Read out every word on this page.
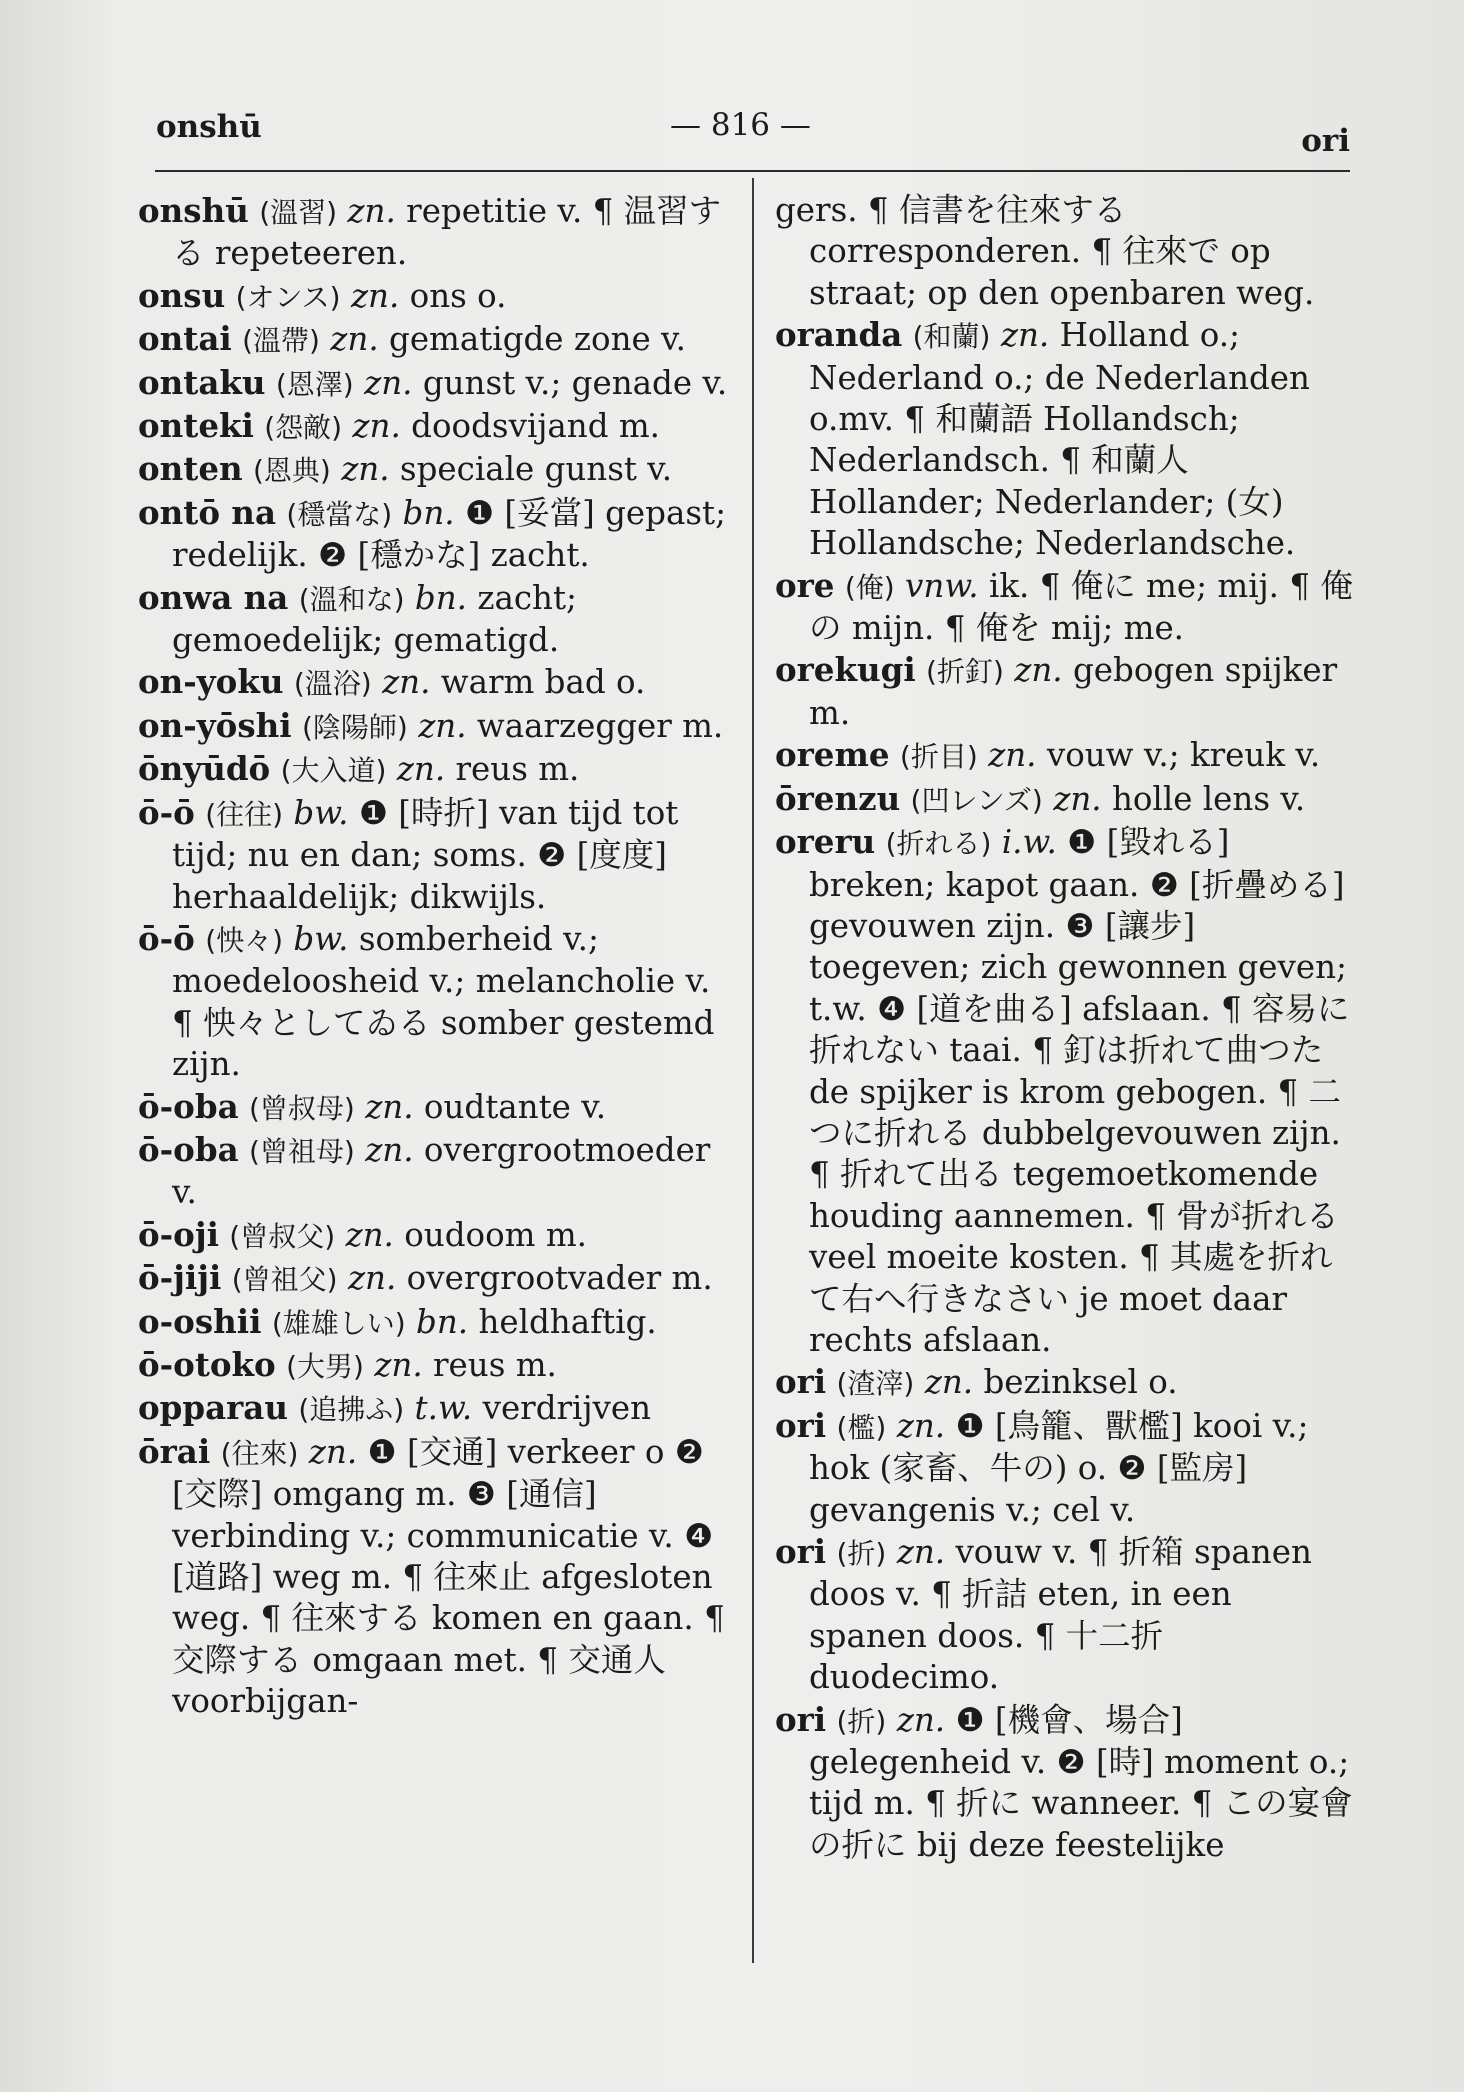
onshū	— 816 —	ori

onshū (溫習) zn. repetitie v. ¶ 温習する repeteeren.

onsu (オンス) zn. ons o.

ontai (溫帶) zn. gematigde zone v.

ontaku (恩澤) zn. gunst v.; genade v.

onteki (怨敵) zn. doodsvijand m.

onten (恩典) zn. speciale gunst v.

ontō na (穩當な) bn. ❶ [妥當] gepast; redelijk. ❷ [穩かな] zacht.

onwa na (溫和な) bn. zacht; gemoedelijk; gematigd.

on-yoku (溫浴) zn. warm bad o.

on-yōshi (陰陽師) zn. waarzegger m.

ōnyūdō (大入道) zn. reus m.

ō-ō (往往) bw. ❶ [時折] van tijd tot tijd; nu en dan; soms. ❷ [度度] herhaaldelijk; dikwijls.

ō-ō (怏々) bw. somberheid v.; moedeloosheid v.; melancholie v. ¶ 怏々としてゐる somber gestemd zijn.

ō-oba (曾叔母) zn. oudtante v.

ō-oba (曾祖母) zn. overgrootmoeder v.

ō-oji (曾叔父) zn. oudoom m.

ō-jiji (曾祖父) zn. overgrootvader m.

o-oshii (雄雄しい) bn. heldhaftig.

ō-otoko (大男) zn. reus m.

opparau (追拂ふ) t.w. verdrijven

ōrai (往來) zn. ❶ [交通] verkeer o ❷ [交際] omgang m. ❸ [通信] verbinding v.; communicatie v. ❹ [道路] weg m. ¶ 往來止 afgesloten weg. ¶ 往來する komen en gaan. ¶ 交際する omgaan met. ¶ 交通人 voorbijgan-

gers. ¶ 信書を往來する corresponderen. ¶ 往來で op straat; op den openbaren weg.

oranda (和蘭) zn. Holland o.; Nederland o.; de Nederlanden o.mv. ¶ 和蘭語 Hollandsch; Nederlandsch. ¶ 和蘭人 Hollander; Nederlander; (女) Hollandsche; Nederlandsche.

ore (俺) vnw. ik. ¶ 俺に me; mij. ¶ 俺の mijn. ¶ 俺を mij; me.

orekugi (折釘) zn. gebogen spijker m.

oreme (折目) zn. vouw v.; kreuk v.

ōrenzu (凹レンズ) zn. holle lens v.

oreru (折れる) i.w. ❶ [毀れる] breken; kapot gaan. ❷ [折疊める] gevouwen zijn. ❸ [讓步] toegeven; zich gewonnen geven; t.w. ❹ [道を曲る] afslaan. ¶ 容易に折れない taai. ¶ 釘は折れて曲つた de spijker is krom gebogen. ¶ 二つに折れる dubbelgevouwen zijn. ¶ 折れて出る tegemoetkomende houding aannemen. ¶ 骨が折れる veel moeite kosten. ¶ 其處を折れて右へ行きなさい je moet daar rechts afslaan.

ori (渣滓) zn. bezinksel o.

ori (檻) zn. ❶ [鳥籠、獸檻] kooi v.; hok (家畜、牛の) o. ❷ [監房] gevangenis v.; cel v.

ori (折) zn. vouw v. ¶ 折箱 spanen doos v. ¶ 折詰 eten, in een spanen doos. ¶ 十二折 duodecimo.

ori (折) zn. ❶ [機會、場合] gelegenheid v. ❷ [時] moment o.; tijd m. ¶ 折に wanneer. ¶ この宴會の折に bij deze feestelijke
